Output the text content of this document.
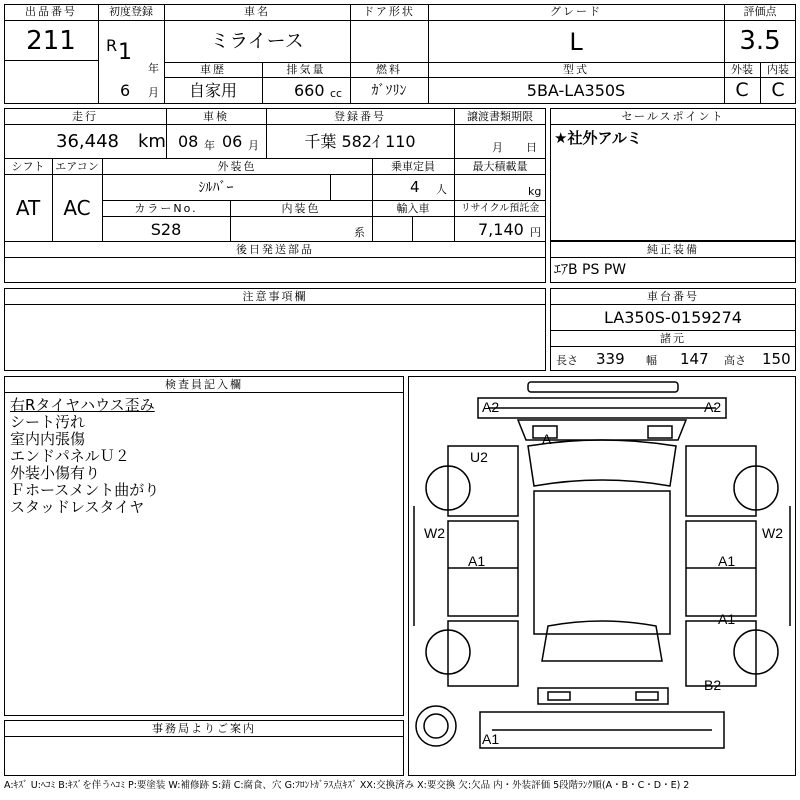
出品番号
211
初度登録
R 1
年
6 月
車名
ミライース
ドア形状	グレード
L
評価点
3.5
車歴
自家用
排気量
660 cc
燃料
ｶﾞｿﾘﾝ
型式
5BA-LA350S
外装
C
内装
C
走行
36,448 km
車検
08 年 06 月
登録番号
千葉 582ｲ 110
譲渡書類期限
月 日
シフト
AT
エアコン
AC
外装色
ｼﾙﾊﾞｰ
乗車定員
4 人
最大積載量
kg
カラーNo.
S28
内装色
系
輸入車	リサイクル預託金
7,140 円
後日発送部品
セールスポイント
★社外アルミ
純正装備
ｴｱB PS PW
注意事項欄	車台番号
LA350S-0159274
諸元
長さ 339 幅 147 高さ 150
検査員記入欄
右Rタイヤハウス歪み
シート汚れ
室内内張傷
エンドパネルＵ２
外装小傷有り
Ｆホースメント曲がり
スタッドレスタイヤ
事務局よりご案内
A2	A2
A
U2
W2	W2
A1	A1
A1
B2
A1
A:ｷｽﾞ U:ﾍｺﾐ B:ｷｽﾞを伴うﾍｺﾐ P:要塗装 W:補修跡 S:錆 C:腐食、穴 G:ﾌﾛﾝﾄｶﾞﾗｽ点ｷｽﾞ XX:交換済み X:要交換 欠:欠品 内・外装評価 5段階ﾗﾝｸ順(A・B・C・D・E) 2
